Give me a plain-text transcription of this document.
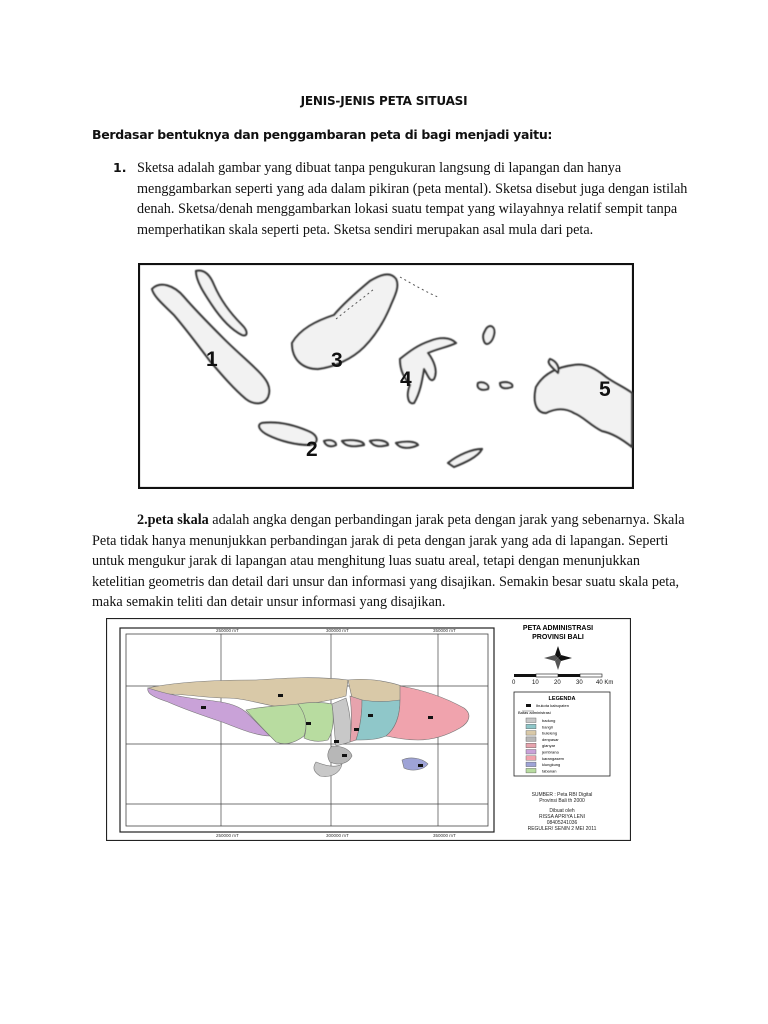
JENIS-JENIS PETA SITUASI
Berdasar bentuknya dan penggambaran peta di bagi menjadi yaitu:
1. Sketsa adalah gambar yang dibuat tanpa pengukuran langsung di lapangan dan hanya menggambarkan seperti yang ada dalam pikiran (peta mental). Sketsa disebut juga dengan istilah denah. Sketsa/denah menggambarkan lokasi suatu tempat yang wilayahnya relatif sempit tanpa memperhatikan skala seperti peta. Sketsa sendiri merupakan asal mula dari peta.
1
2
3
4	5
2.peta skala adalah angka dengan perbandingan jarak peta dengan jarak yang sebenarnya. Skala Peta tidak hanya menunjukkan perbandingan jarak di peta dengan jarak yang ada di lapangan. Seperti untuk mengukur jarak di lapangan atau menghitung luas suatu areal, tetapi dengan menunjukkan ketelitian geometris dan detail dari unsur dan informasi yang disajikan. Semakin besar suatu skala peta, maka semakin teliti dan detair unsur informasi yang disajikan.
250000 mT	300000 mT	350000 mT
250000 mT	300000 mT	350000 mT
PETA ADMINISTRASI
PROVINSI BALI
0	10	20	30 40 Km
LEGENDA
Ibukota kabupaten
Batas administrasi
badung
bangli
buleleng
denpasar
gianyar
jembrana
karangasem
klungkung
tabanan
SUMBER : Peta RBI Digital
Provinsi Bali th 2000
Dibuat oleh
RISSA APRIYA LENI
08405241036
REGULER/ SENIN 2 MEI 2011
